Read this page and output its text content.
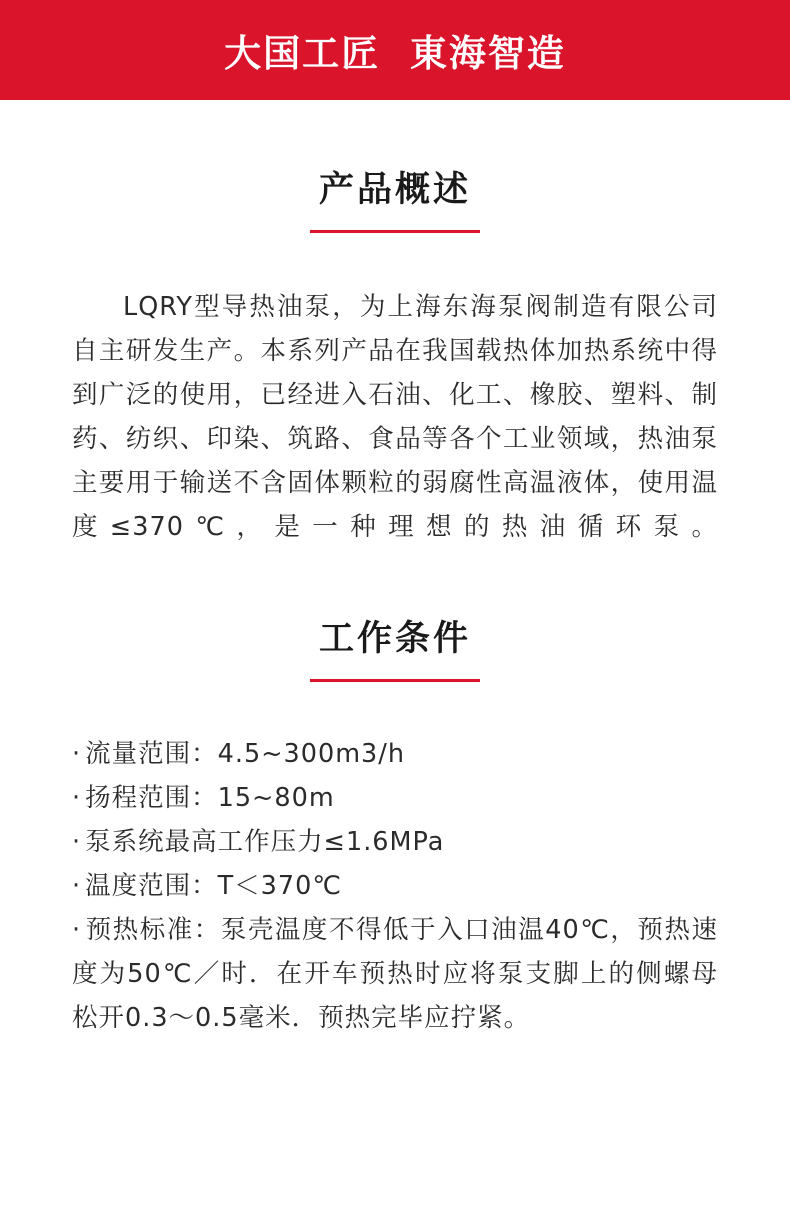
大国工匠  東海智造
产品概述

LQRY型导热油泵，为上海东海泵阀制造有限公司自主研发生产。本系列产品在我国载热体加热系统中得到广泛的使用，已经进入石油、化工、橡胶、塑料、制药、纺织、印染、筑路、食品等各个工业领域，热油泵主要用于输送不含固体颗粒的弱腐性高温液体，使用温度≤370℃，是一种理想的热油循环泵。

工作条件
· 流量范围：4.5~300m3/h
· 扬程范围：15~80m
· 泵系统最高工作压力≤1.6MPa
· 温度范围：T＜370℃
· 预热标准：泵壳温度不得低于入口油温40℃，预热速度为50℃／时．在开车预热时应将泵支脚上的侧螺母松开0.3～0.5毫米．预热完毕应拧紧。
